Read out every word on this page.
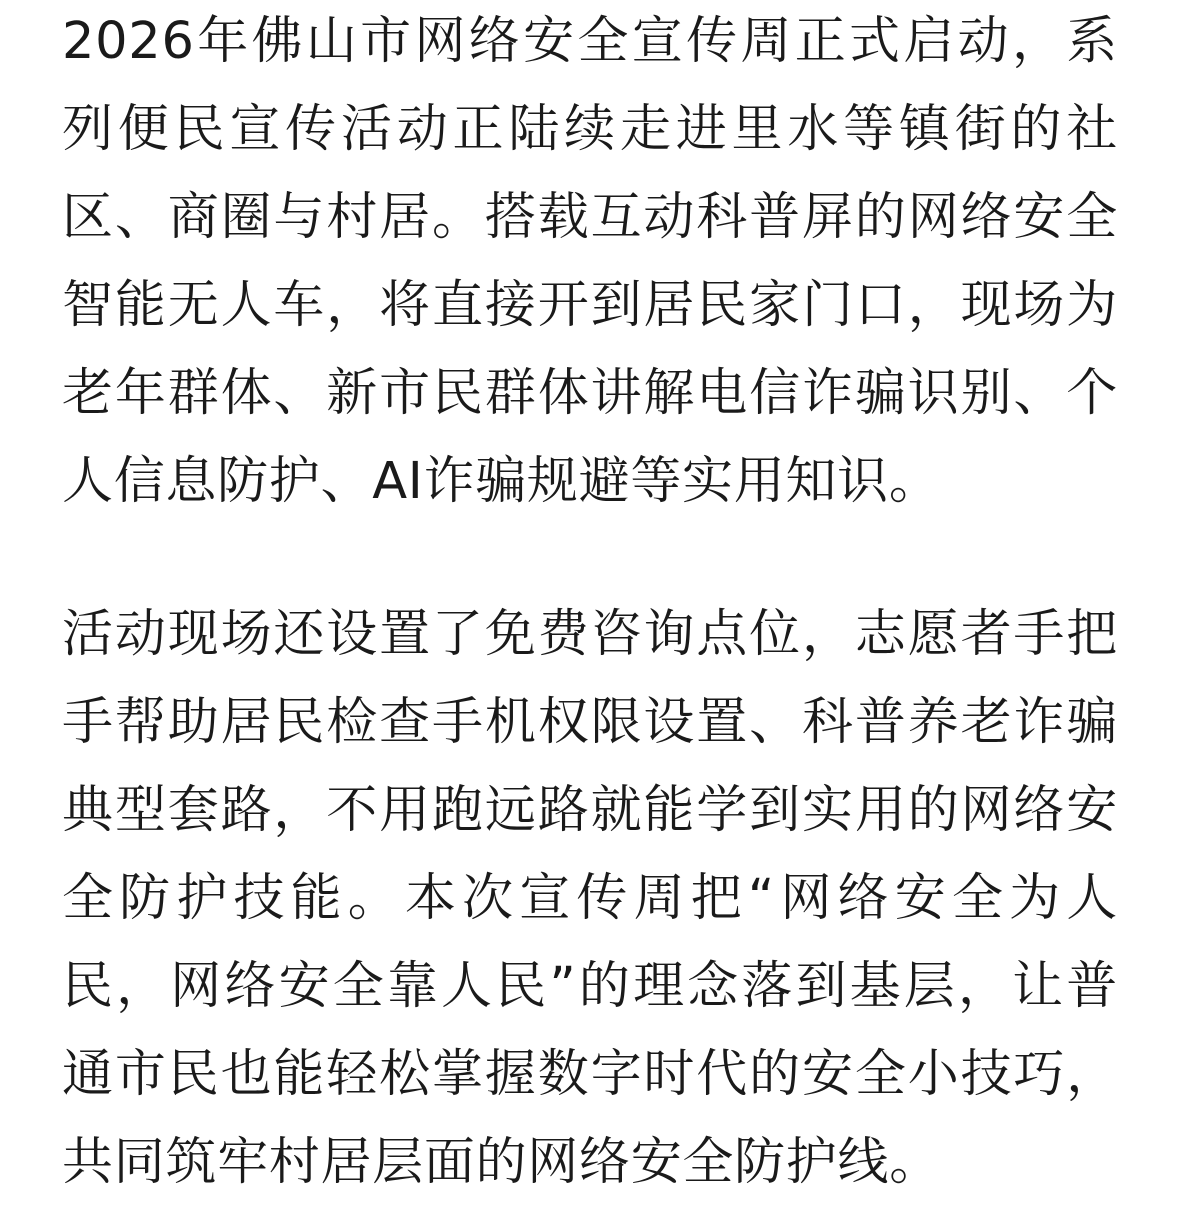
2026年佛山市网络安全宣传周正式启动，系列便民宣传活动正陆续走进里水等镇街的社区、商圈与村居。搭载互动科普屏的网络安全智能无人车，将直接开到居民家门口，现场为老年群体、新市民群体讲解电信诈骗识别、个人信息防护、AI诈骗规避等实用知识。

活动现场还设置了免费咨询点位，志愿者手把手帮助居民检查手机权限设置、科普养老诈骗典型套路，不用跑远路就能学到实用的网络安全防护技能。本次宣传周把“网络安全为人民，网络安全靠人民”的理念落到基层，让普通市民也能轻松掌握数字时代的安全小技巧，共同筑牢村居层面的网络安全防护线。
